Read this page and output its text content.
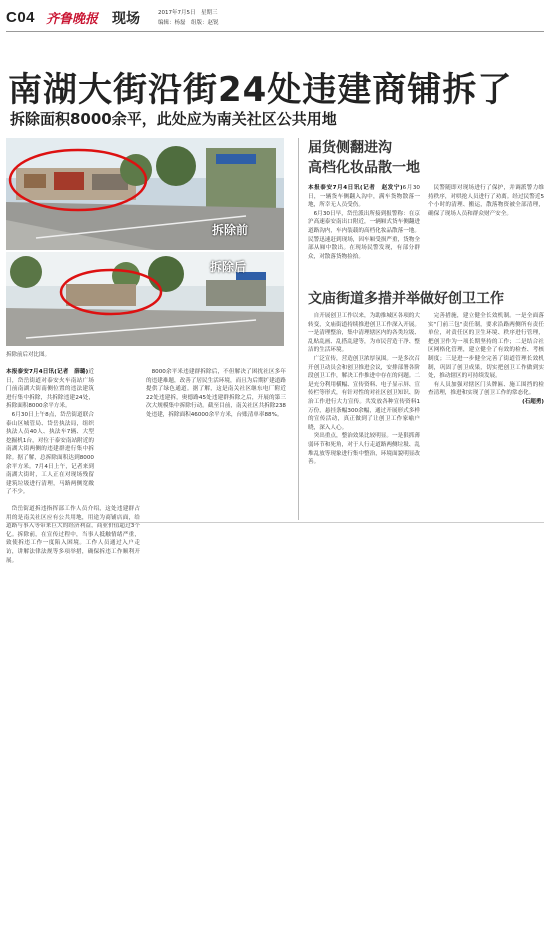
C04 齐鲁晚报 现场	2017年7月5日　星期三
编辑：杨磊　组版：赵锐
南湖大街沿街24处违建商铺拆了
拆除面积8000余平，此处应为南关社区公共用地
拆除前
拆除后
拆除前后对比图。

本报泰安7月4日讯(记者　薛璐)近日，岱岳街道对泰安火车南站广场门前南湖大街南侧位置的违法建筑进行集中拆除，共拆除违建24处，拆除面积8000余平方米。

6月30日上午8点，岱岳街道联合泰山区城管局、岱岳执法局，组织执法人员40人、执法车7辆、大型挖掘机1台，对位于泰安南站附近的南湖大街两侧的违建群进行集中拆除。据了解，总拆除面积达到8000余平方米。7月4日上午，记者来到南湖大街时，工人正在对现场残留建筑垃圾进行清理，马路两侧宽敞了不少。

岱岳街道拆违指挥部工作人员介绍，这处违建群占用的是南关社区应有公共用地，用途为商铺店面，给道路与事入等带来巨大的经济利益，商业价值超过3个亿。拆除前，在宣传过程中，当事人抵触情绪严重，致使拆违工作一度陷入困境。工作人员通过入户走访，讲解法律法规等多项举措，确保拆违工作顺利开展。

8000余平米违建群拆除后，不但解决了困扰社区多年的违建难题，改善了居民生活环境，而且为后期扩建道路提供了绿色通道。据了解，这是南关社区继东电厂附近22处违建拆，奥德路45处违建群拆除之后，开展的第三次大规模集中拆除行动。截至目前，南关社区共拆除238处违建，拆除面积46000余平方米，台账清单率88%。

届货侧翻进沟
高档化妆品散一地

本报泰安7月4日讯(记者　赵发宁)6月30日，一辆货车侧翻入沟中，满车货物散落一地，所幸无人员受伤。

6月30日早，岱岳派出所接到报警称：在京沪高速泰安南出口附近，一辆厢式货车侧翻进道路沟内，车内装载的高档化妆品散落一地。民警迅速赶到现场，因车厢受损严重，货物全部从厢中散出。在现场民警发现，有部分群众，对散落货物捡拾。

民警随即对现场进行了保护，并调派警力维持秩序，对哄抢人员进行了劝离。经过民警近5个小时的清理、搬运，散落物资被全部清理，确保了现场人员和群众财产安全。

文庙街道多措并举做好创卫工作

自开展创卫工作以来，为助推城区各项的大转变，文庙街道持续推进创卫工作深入开展。一是清理整治，集中清理辖区内的各类垃圾、乱贴乱画、乱搭乱建等，为市民营造干净、整洁的生活环境。

广泛宣传，营造创卫浓厚氛围。一是多次召开创卫动员会和创卫推进会议，安排部署各阶段创卫工作，解决工作推进中存在的问题。二是充分利用横幅、宣传资料、电子显示屏、宣传栏等形式，有针对性的对社区创卫知识、防治工作进行大力宣传。共发放各种宣传资料1万份，悬挂条幅300余幅，通过开展形式多样的宣传活动，真正做到了让创卫工作家喻户晓，深入人心。

突出重点，整治效果比较明显。一是狠抓薄弱环节和死角，对于人行走道路两侧垃圾、乱堆乱放等现象进行集中整治，环境面貌明显改善。

完善措施，建立健全长效机制。一是全面落实"门前三包"责任制，要求沿路两侧所有责任单位，对责任区的卫生环境、秩序进行管理，把创卫作为一项长期坚持的工作；二是结合社区网格化管理，建立健全了有效的检查、考核制度；三是进一步健全完善了街道管理长效机制，巩固了创卫成果，切实把创卫工作做到实处，推动辖区的可持续发展。

有人员加强对辖区门头牌匾、施工围挡的检查清理，推进和实现了创卫工作的常态化。

(石超勇)
